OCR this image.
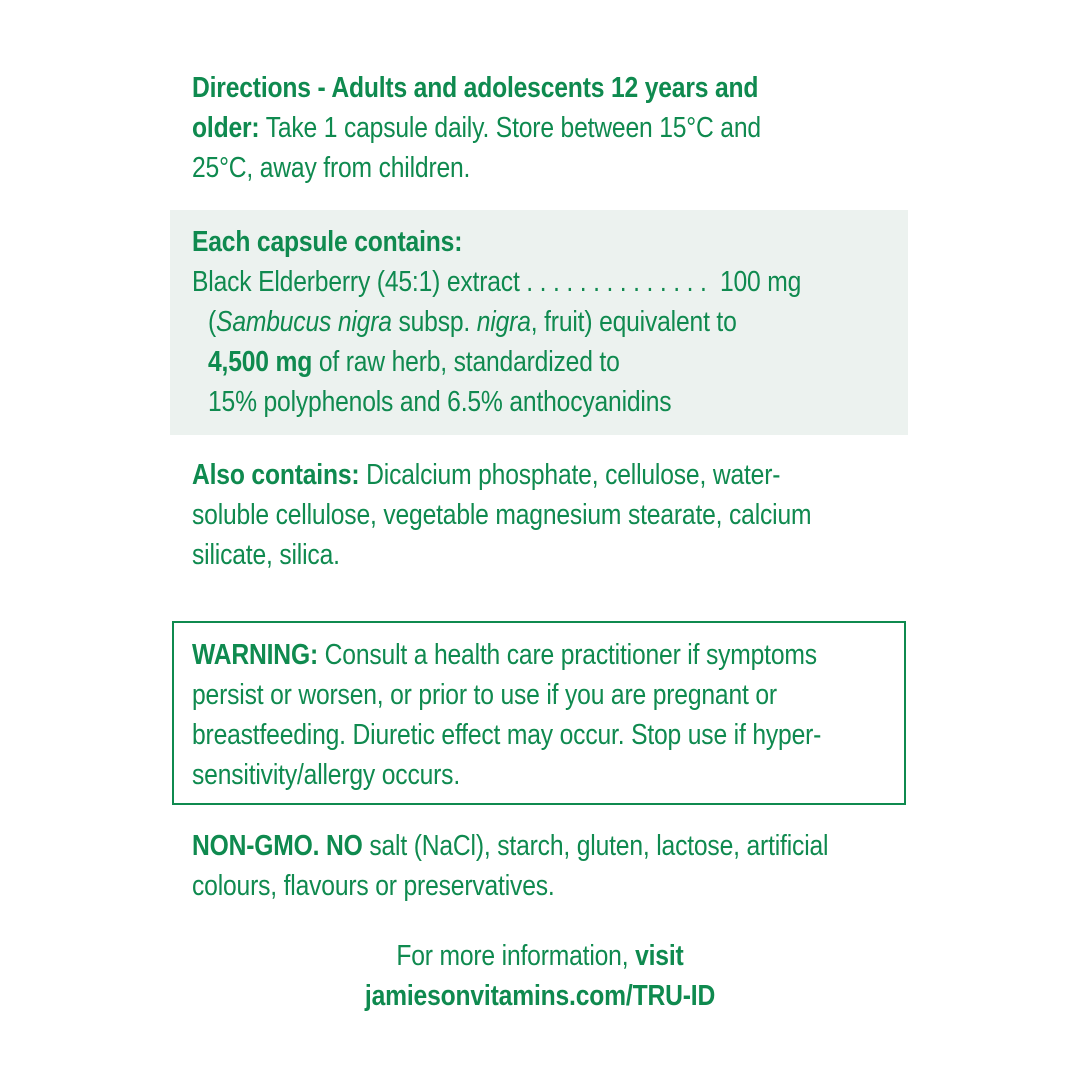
Directions - Adults and adolescents 12 years and
older: Take 1 capsule daily. Store between 15°C and
25°C, away from children.
Each capsule contains:
Black Elderberry (45:1) extract . . . . . . . . . . . . . .  100 mg
(Sambucus nigra subsp. nigra, fruit) equivalent to
4,500 mg of raw herb, standardized to
15% polyphenols and 6.5% anthocyanidins
Also contains: Dicalcium phosphate, cellulose, water-
soluble cellulose, vegetable magnesium stearate, calcium
silicate, silica.
WARNING: Consult a health care practitioner if symptoms
persist or worsen, or prior to use if you are pregnant or
breastfeeding. Diuretic effect may occur. Stop use if hyper-
sensitivity/allergy occurs.
NON-GMO. NO salt (NaCl), starch, gluten, lactose, artificial
colours, flavours or preservatives.
For more information, visit
jamiesonvitamins.com/TRU-ID
